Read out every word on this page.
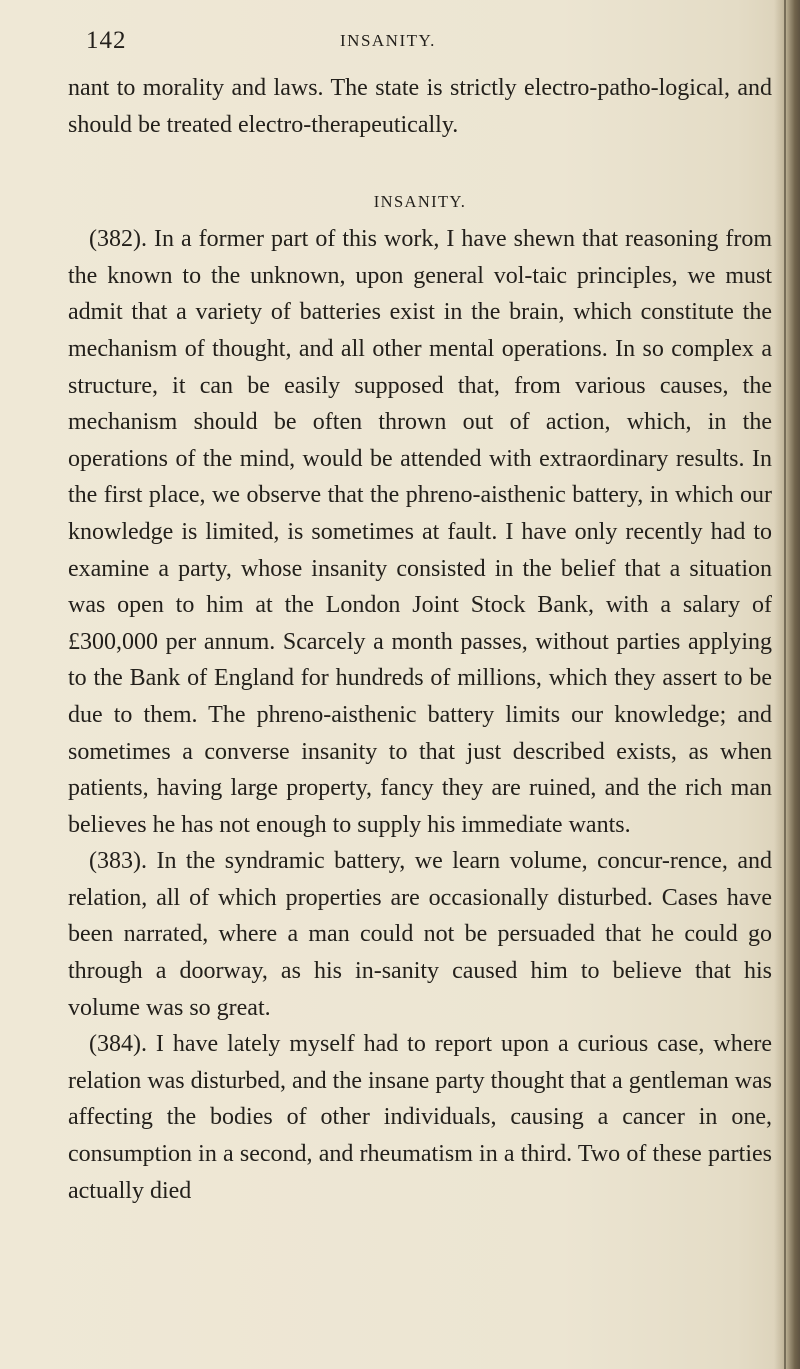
142	INSANITY.

nant to morality and laws. The state is strictly electro-patho-logical, and should be treated electro-therapeutically.

INSANITY.

(382). In a former part of this work, I have shewn that reasoning from the known to the unknown, upon general vol-taic principles, we must admit that a variety of batteries exist in the brain, which constitute the mechanism of thought, and all other mental operations. In so complex a structure, it can be easily supposed that, from various causes, the mechanism should be often thrown out of action, which, in the operations of the mind, would be attended with extraordinary results. In the first place, we observe that the phreno-aisthenic battery, in which our knowledge is limited, is sometimes at fault. I have only recently had to examine a party, whose insanity consisted in the belief that a situation was open to him at the London Joint Stock Bank, with a salary of £300,000 per annum. Scarcely a month passes, without parties applying to the Bank of England for hundreds of millions, which they assert to be due to them. The phreno-aisthenic battery limits our knowledge; and sometimes a converse insanity to that just described exists, as when patients, having large property, fancy they are ruined, and the rich man believes he has not enough to supply his immediate wants.

(383). In the syndramic battery, we learn volume, concur-rence, and relation, all of which properties are occasionally disturbed. Cases have been narrated, where a man could not be persuaded that he could go through a doorway, as his in-sanity caused him to believe that his volume was so great.

(384). I have lately myself had to report upon a curious case, where relation was disturbed, and the insane party thought that a gentleman was affecting the bodies of other individuals, causing a cancer in one, consumption in a second, and rheumatism in a third. Two of these parties actually died
